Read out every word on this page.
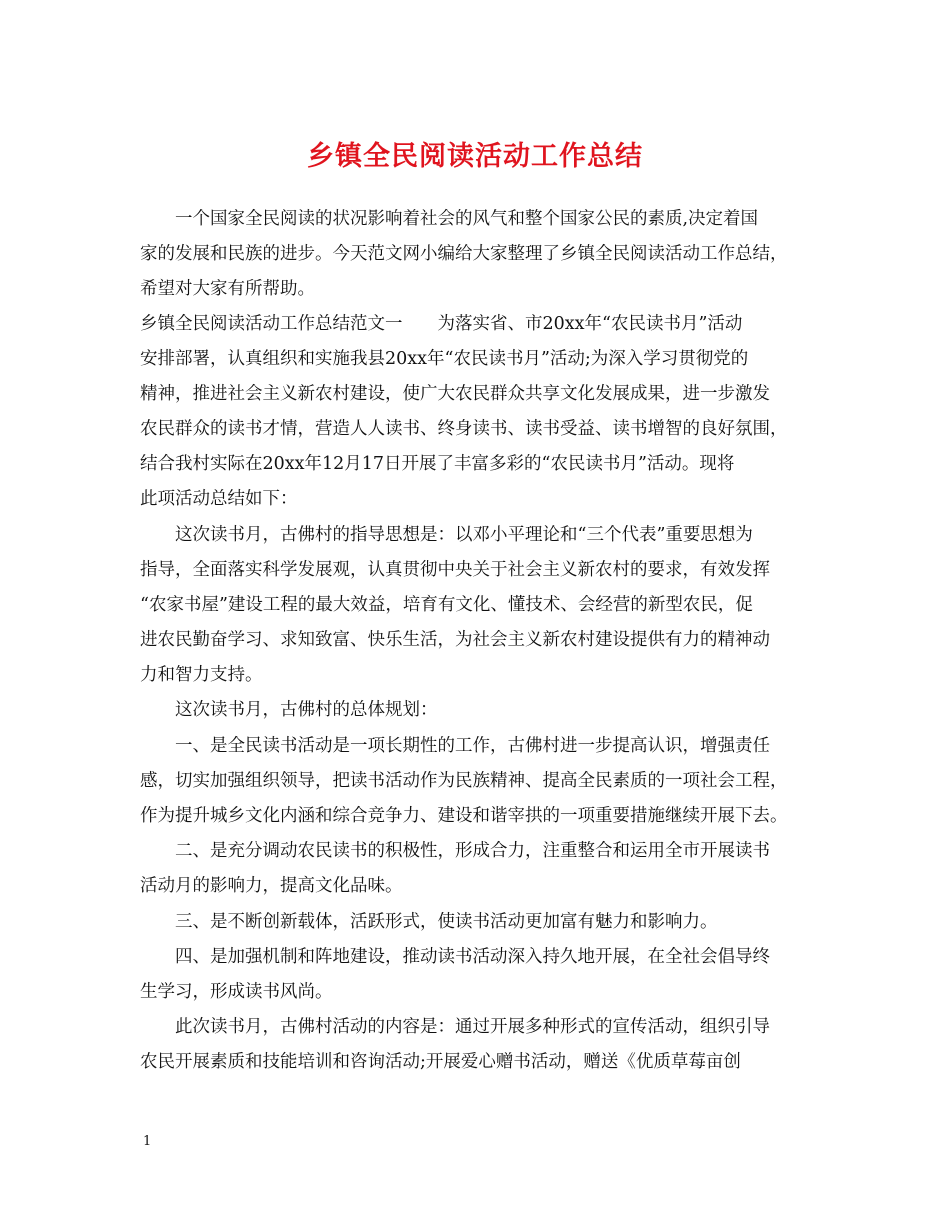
乡镇全民阅读活动工作总结
　　一个国家全民阅读的状况影响着社会的风气和整个国家公民的素质,决定着国
家的发展和民族的进步。今天范文网小编给大家整理了乡镇全民阅读活动工作总结，
希望对大家有所帮助。
乡镇全民阅读活动工作总结范文一　　为落实省、市20xx年“农民读书月”活动
安排部署，认真组织和实施我县20xx年“农民读书月”活动;为深入学习贯彻党的
精神，推进社会主义新农村建设，使广大农民群众共享文化发展成果，进一步激发
农民群众的读书才情，营造人人读书、终身读书、读书受益、读书增智的良好氛围，
结合我村实际在20xx年12月17日开展了丰富多彩的“农民读书月”活动。现将
此项活动总结如下：
　　这次读书月，古佛村的指导思想是：以邓小平理论和“三个代表”重要思想为
指导，全面落实科学发展观，认真贯彻中央关于社会主义新农村的要求，有效发挥
“农家书屋”建设工程的最大效益，培育有文化、懂技术、会经营的新型农民，促
进农民勤奋学习、求知致富、快乐生活，为社会主义新农村建设提供有力的精神动
力和智力支持。
　　这次读书月，古佛村的总体规划：
　　一、是全民读书活动是一项长期性的工作，古佛村进一步提高认识，增强责任
感，切实加强组织领导，把读书活动作为民族精神、提高全民素质的一项社会工程，
作为提升城乡文化内涵和综合竞争力、建设和谐宰拱的一项重要措施继续开展下去。
　　二、是充分调动农民读书的积极性，形成合力，注重整合和运用全市开展读书
活动月的影响力，提高文化品味。
　　三、是不断创新载体，活跃形式，使读书活动更加富有魅力和影响力。
　　四、是加强机制和阵地建设，推动读书活动深入持久地开展，在全社会倡导终
生学习，形成读书风尚。
　　此次读书月，古佛村活动的内容是：通过开展多种形式的宣传活动，组织引导
农民开展素质和技能培训和咨询活动;开展爱心赠书活动，赠送《优质草莓亩创
1
